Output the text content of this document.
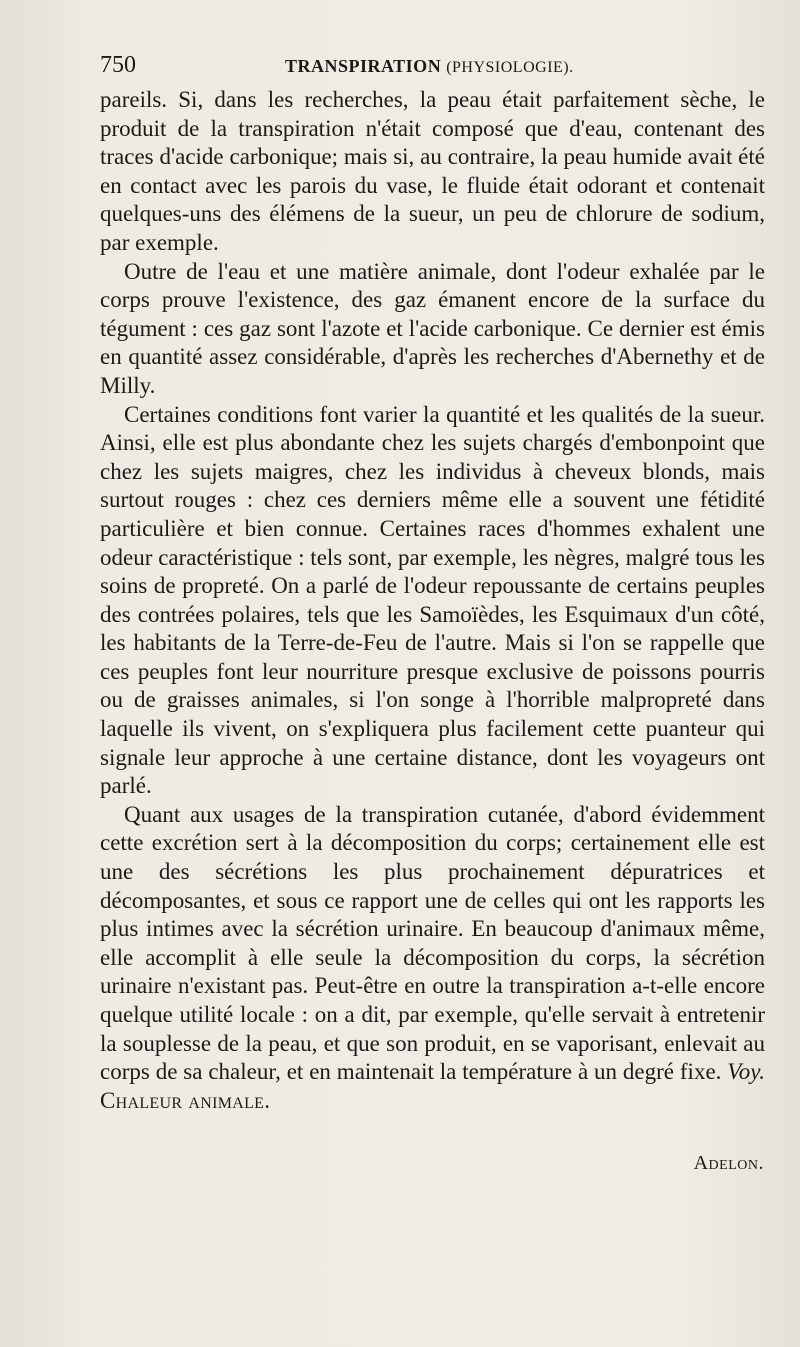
750	TRANSPIRATION (PHYSIOLOGIE).

pareils. Si, dans les recherches, la peau était parfaitement sèche, le produit de la transpiration n'était composé que d'eau, contenant des traces d'acide carbonique; mais si, au contraire, la peau humide avait été en contact avec les parois du vase, le fluide était odorant et contenait quelques-uns des élémens de la sueur, un peu de chlorure de sodium, par exemple.

Outre de l'eau et une matière animale, dont l'odeur exhalée par le corps prouve l'existence, des gaz émanent encore de la surface du tégument : ces gaz sont l'azote et l'acide carbonique. Ce dernier est émis en quantité assez considérable, d'après les recherches d'Abernethy et de Milly.

Certaines conditions font varier la quantité et les qualités de la sueur. Ainsi, elle est plus abondante chez les sujets chargés d'embonpoint que chez les sujets maigres, chez les individus à cheveux blonds, mais surtout rouges : chez ces derniers même elle a souvent une fétidité particulière et bien connue. Certaines races d'hommes exhalent une odeur caractéristique : tels sont, par exemple, les nègres, malgré tous les soins de propreté. On a parlé de l'odeur repoussante de certains peuples des contrées polaires, tels que les Samoïèdes, les Esquimaux d'un côté, les habitants de la Terre-de-Feu de l'autre. Mais si l'on se rappelle que ces peuples font leur nourriture presque exclusive de poissons pourris ou de graisses animales, si l'on songe à l'horrible malpropreté dans laquelle ils vivent, on s'expliquera plus facilement cette puanteur qui signale leur approche à une certaine distance, dont les voyageurs ont parlé.

Quant aux usages de la transpiration cutanée, d'abord évidemment cette excrétion sert à la décomposition du corps; certainement elle est une des sécrétions les plus prochainement dépuratrices et décomposantes, et sous ce rapport une de celles qui ont les rapports les plus intimes avec la sécrétion urinaire. En beaucoup d'animaux même, elle accomplit à elle seule la décomposition du corps, la sécrétion urinaire n'existant pas. Peut-être en outre la transpiration a-t-elle encore quelque utilité locale : on a dit, par exemple, qu'elle servait à entretenir la souplesse de la peau, et que son produit, en se vaporisant, enlevait au corps de sa chaleur, et en maintenait la température à un degré fixe. Voy. Chaleur animale.

Adelon.
